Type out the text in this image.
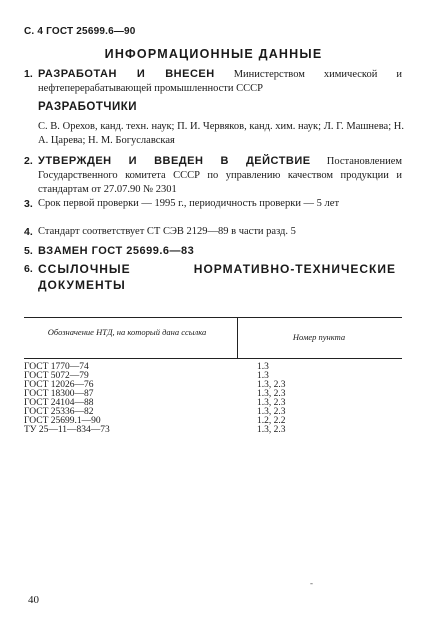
С. 4 ГОСТ 25699.6—90
ИНФОРМАЦИОННЫЕ ДАННЫЕ
1. РАЗРАБОТАН И ВНЕСЕН Министерством химической и нефтеперерабатывающей промышленности СССР
РАЗРАБОТЧИКИ
С. В. Орехов, канд. техн. наук; П. И. Червяков, канд. хим. наук; Л. Г. Машнева; Н. А. Царева; Н. М. Богуславская
2. УТВЕРЖДЕН И ВВЕДЕН В ДЕЙСТВИЕ Постановлением Государственного комитета СССР по управлению качеством продукции и стандартам от 27.07.90 № 2301
3. Срок первой проверки — 1995 г., периодичность проверки — 5 лет
4. Стандарт соответствует СТ СЭВ 2129—89 в части разд. 5
5. ВЗАМЕН ГОСТ 25699.6—83
6. ССЫЛОЧНЫЕ НОРМАТИВНО-ТЕХНИЧЕСКИЕ ДОКУМЕНТЫ
Обозначение НТД, на который дана ссылка	Номер пункта
ГОСТ 1770—74	1.3
ГОСТ 5072—79	1.3
ГОСТ 12026—76	1.3, 2.3
ГОСТ 18300—87	1.3, 2.3
ГОСТ 24104—88	1.3, 2.3
ГОСТ 25336—82	1.3, 2.3
ГОСТ 25699.1—90	1.2, 2.2
ТУ 25—11—834—73	1.3, 2.3
-
40
